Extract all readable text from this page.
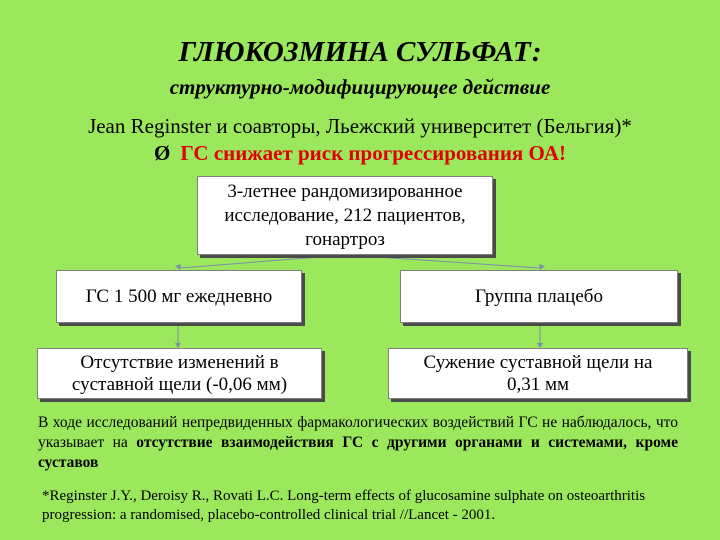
ГЛЮКОЗМИНА СУЛЬФАТ:
структурно-модифицирующее действие
Jean Reginster и соавторы, Льежский университет (Бельгия)*
Ø ГС снижает риск прогрессирования ОА!
3-летнее рандомизированное
исследование, 212 пациентов,
гонартроз
ГС 1 500 мг ежедневно	Группа плацебо
Отсутствие изменений в
суставной щели (-0,06 мм)
Сужение суставной щели на
0,31 мм
В ходе исследований непредвиденных фармакологических воздействий ГС не наблюдалось, что указывает на отсутствие взаимодействия ГС с другими органами и системами, кроме суставов
*Reginster J.Y., Deroisy R., Rovati L.C. Long-term effects of glucosamine sulphate on osteoarthritis progression: a randomised, placebo-controlled clinical trial //Lancet - 2001.
